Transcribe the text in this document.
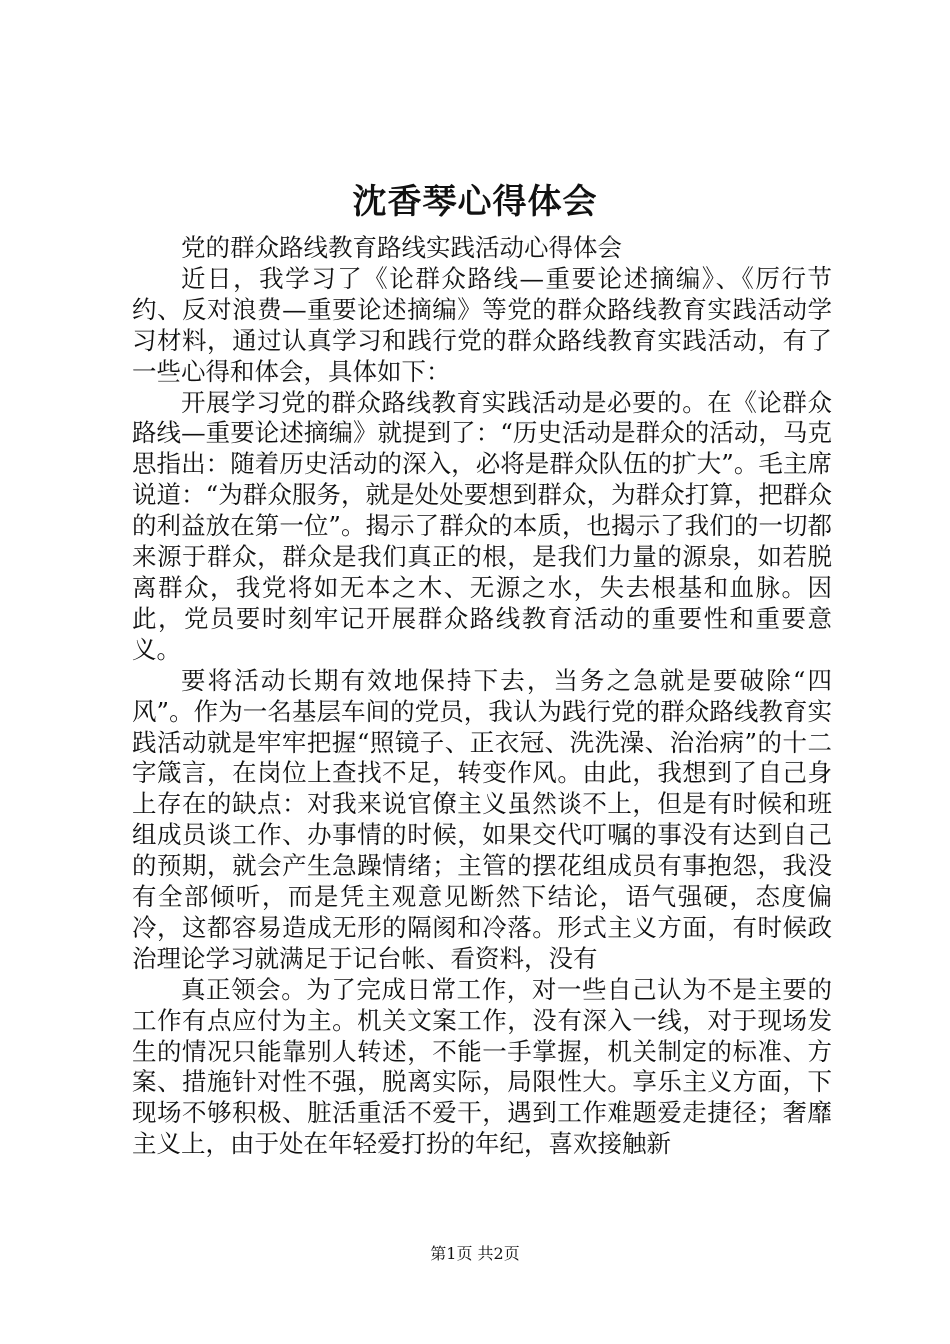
沈香琴心得体会

党的群众路线教育路线实践活动心得体会

近日，我学习了《论群众路线—重要论述摘编》、《厉行节约、反对浪费—重要论述摘编》等党的群众路线教育实践活动学习材料，通过认真学习和践行党的群众路线教育实践活动，有了一些心得和体会，具体如下：

开展学习党的群众路线教育实践活动是必要的。在《论群众路线—重要论述摘编》就提到了：“历史活动是群众的活动，马克思指出：随着历史活动的深入，必将是群众队伍的扩大”。毛主席说道：“为群众服务，就是处处要想到群众，为群众打算，把群众的利益放在第一位”。揭示了群众的本质，也揭示了我们的一切都来源于群众，群众是我们真正的根，是我们力量的源泉，如若脱离群众，我党将如无本之木、无源之水，失去根基和血脉。因此，党员要时刻牢记开展群众路线教育活动的重要性和重要意义。

要将活动长期有效地保持下去，当务之急就是要破除“四风”。作为一名基层车间的党员，我认为践行党的群众路线教育实践活动就是牢牢把握“照镜子、正衣冠、洗洗澡、治治病”的十二字箴言，在岗位上查找不足，转变作风。由此，我想到了自己身上存在的缺点：对我来说官僚主义虽然谈不上，但是有时候和班组成员谈工作、办事情的时候，如果交代叮嘱的事没有达到自己的预期，就会产生急躁情绪；主管的摆花组成员有事抱怨，我没有全部倾听，而是凭主观意见断然下结论，语气强硬，态度偏冷，这都容易造成无形的隔阂和冷落。形式主义方面，有时候政治理论学习就满足于记台帐、看资料，没有

真正领会。为了完成日常工作，对一些自己认为不是主要的工作有点应付为主。机关文案工作，没有深入一线，对于现场发生的情况只能靠别人转述，不能一手掌握，机关制定的标准、方案、措施针对性不强，脱离实际，局限性大。享乐主义方面，下现场不够积极、脏活重活不爱干，遇到工作难题爱走捷径；奢靡主义上，由于处在年轻爱打扮的年纪，喜欢接触新

第1页 共2页
